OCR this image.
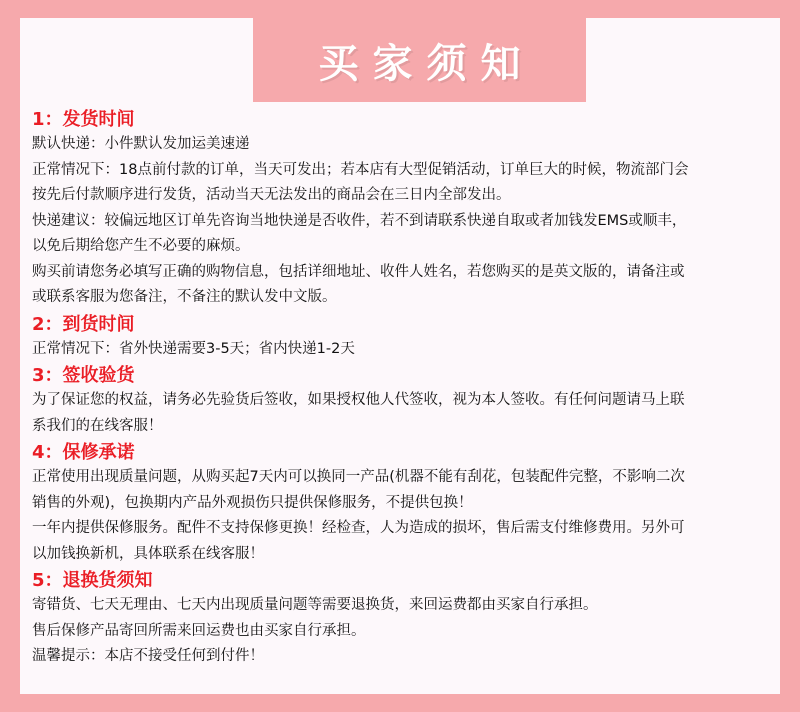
买家须知
1：发货时间
默认快递：小件默认发加运美速递
正常情况下：18点前付款的订单，当天可发出；若本店有大型促销活动，订单巨大的时候，物流部门会
按先后付款顺序进行发货，活动当天无法发出的商品会在三日内全部发出。
快递建议：较偏远地区订单先咨询当地快递是否收件，若不到请联系快递自取或者加钱发EMS或顺丰，
以免后期给您产生不必要的麻烦。
购买前请您务必填写正确的购物信息，包括详细地址、收件人姓名，若您购买的是英文版的，请备注或
或联系客服为您备注，不备注的默认发中文版。
2：到货时间
正常情况下：省外快递需要3-5天；省内快递1-2天
3：签收验货
为了保证您的权益，请务必先验货后签收，如果授权他人代签收，视为本人签收。有任何问题请马上联
系我们的在线客服！
4：保修承诺
正常使用出现质量问题，从购买起7天内可以换同一产品(机器不能有刮花，包装配件完整，不影响二次
销售的外观)，包换期内产品外观损伤只提供保修服务，不提供包换！
一年内提供保修服务。配件不支持保修更换！经检查，人为造成的损坏，售后需支付维修费用。另外可
以加钱换新机，具体联系在线客服！
5：退换货须知
寄错货、七天无理由、七天内出现质量问题等需要退换货，来回运费都由买家自行承担。
售后保修产品寄回所需来回运费也由买家自行承担。
温馨提示：本店不接受任何到付件！
